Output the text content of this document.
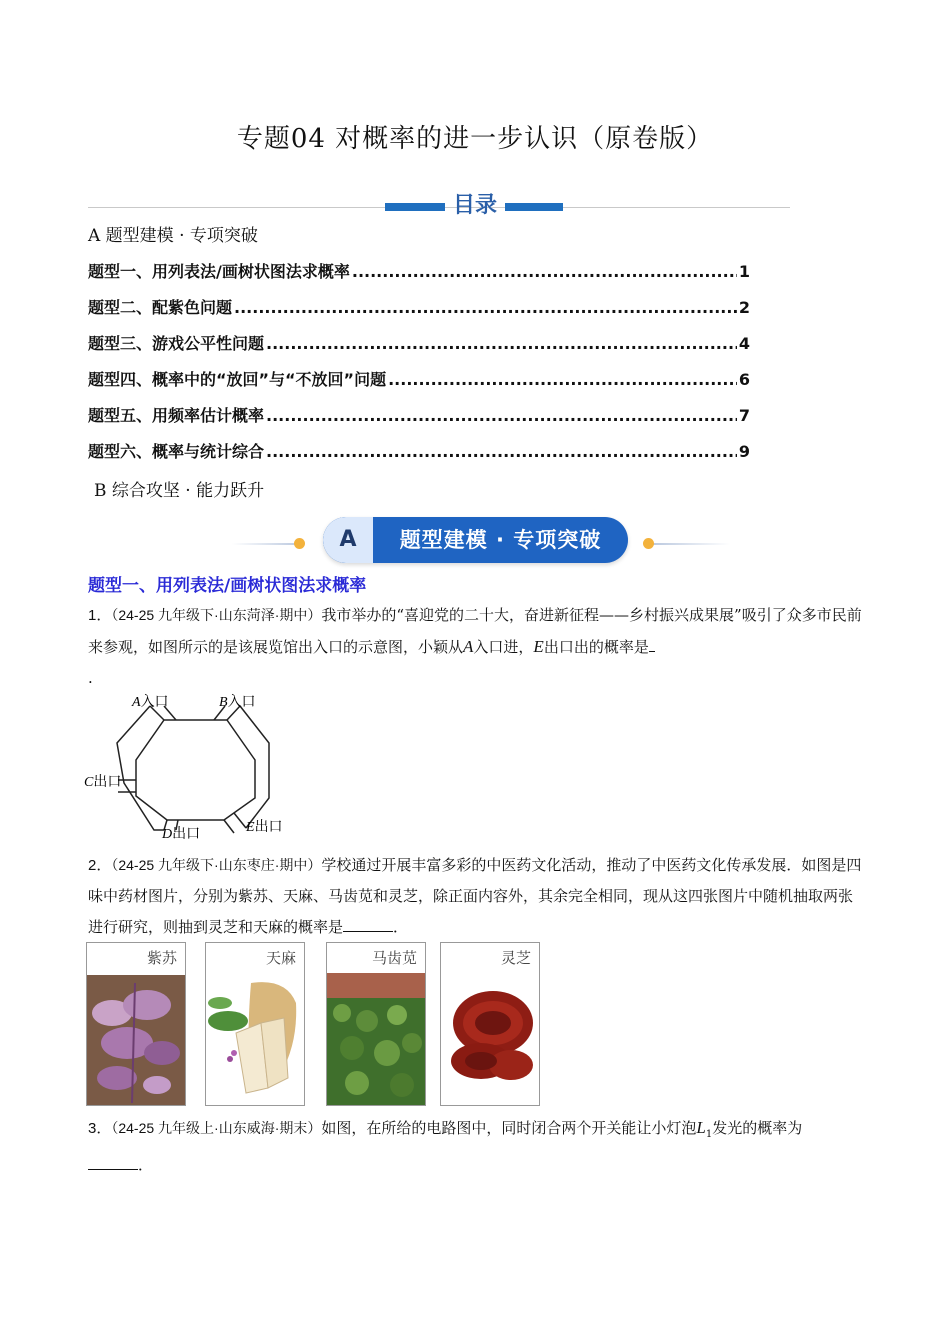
专题04 对概率的进一步认识（原卷版）
目录
A 题型建模 · 专项突破
题型一、用列表法/画树状图法求概率 .....	1
题型二、配紫色问题 .....	2
题型三、游戏公平性问题 .....	4
题型四、概率中的“放回”与“不放回”问题 .....	6
题型五、用频率估计概率 .....	7
题型六、概率与统计综合 .....	9
B 综合攻坚 · 能力跃升
A	题型建模 · 专项突破
题型一、用列表法/画树状图法求概率
1．（24-25 九年级下·山东菏泽·期中）我市举办的“喜迎党的二十大，奋进新征程——乡村振兴成果展”吸引了众多市民前来参观，如图所示的是该展览馆出入口的示意图，小颖从A入口进，E出口出的概率是
.
A入口	B入口
C出口
D出口	E出口
2．（24-25 九年级下·山东枣庄·期中）学校通过开展丰富多彩的中医药文化活动，推动了中医药文化传承发展．如图是四味中药材图片，分别为紫苏、天麻、马齿苋和灵芝，除正面内容外，其余完全相同，现从这四张图片中随机抽取两张进行研究，则抽到灵芝和天麻的概率是	．
紫苏	天麻	马齿苋	灵芝
3．（24-25 九年级上·山东威海·期末）如图，在所给的电路图中，同时闭合两个开关能让小灯泡$L_1$发光的概率为
．
